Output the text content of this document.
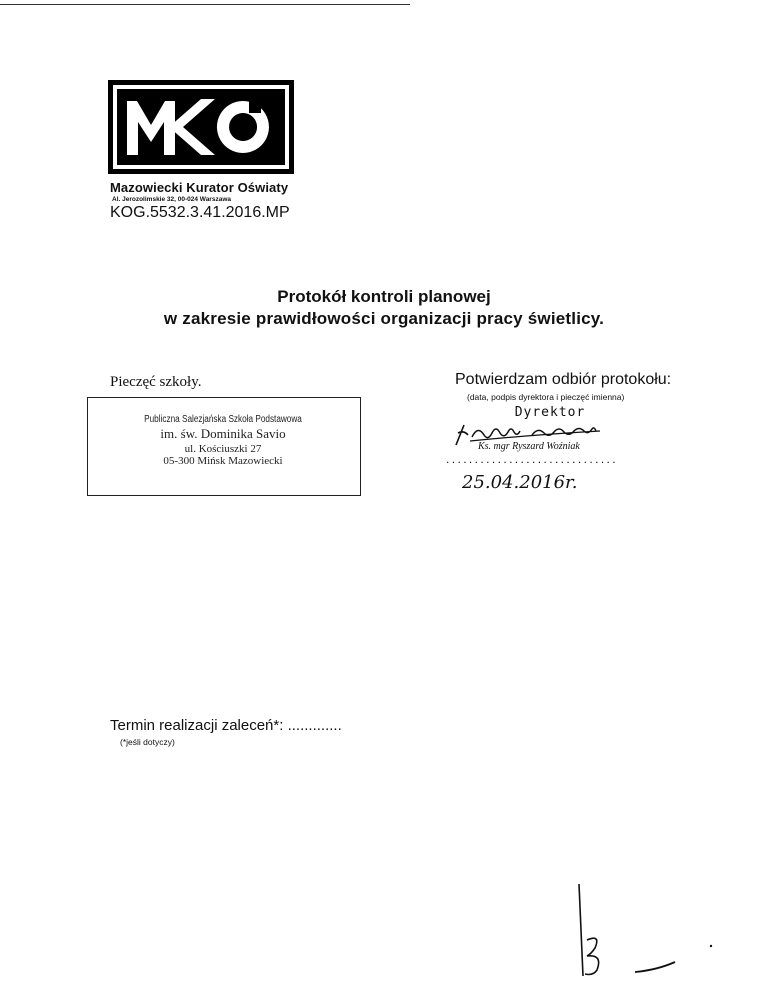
Mazowiecki Kurator Oświaty
Al. Jerozolimskie 32, 00-024 Warszawa
KOG.5532.3.41.2016.MP
Protokół kontroli planowej
w zakresie prawidłowości organizacji pracy świetlicy.
Pieczęć szkoły.
Publiczna Salezjańska Szkoła Podstawowa
im. św. Dominika Savio
ul. Kościuszki 27
05-300 Mińsk Mazowiecki
Potwierdzam odbiór protokołu:
(data, podpis dyrektora i pieczęć imienna)
Dyrektor
Ks. mgr Ryszard Woźniak
..............................
25.04.2016r.
Termin realizacji zaleceń*: .............
(*jeśli dotyczy)
